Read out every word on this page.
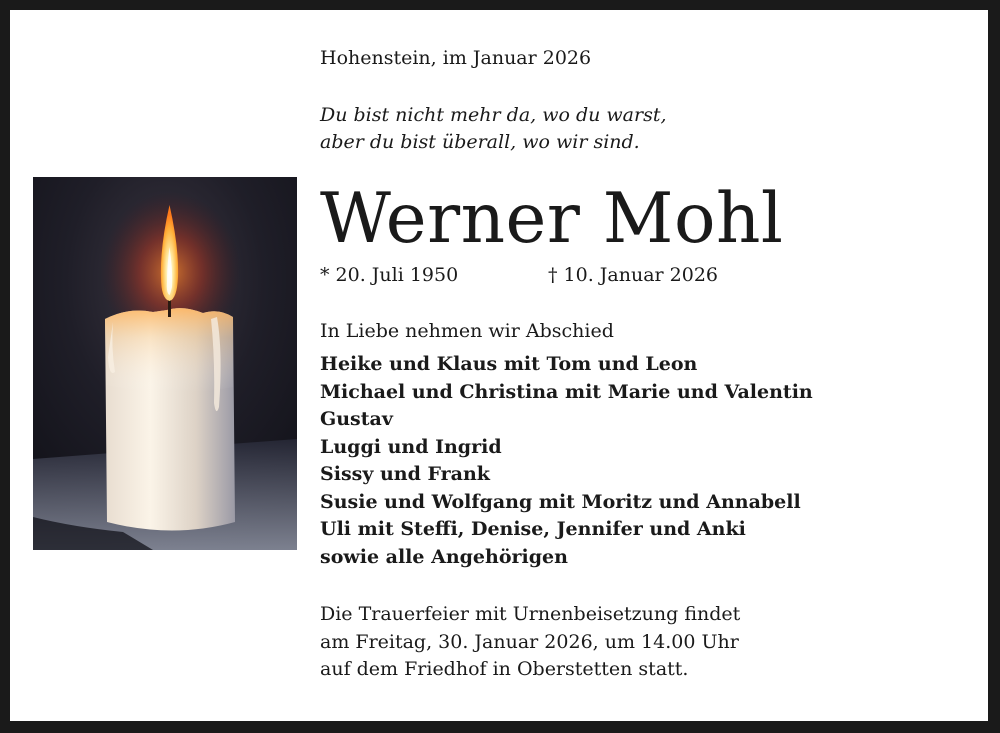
Hohenstein, im Januar 2026
Du bist nicht mehr da, wo du warst,
aber du bist überall, wo wir sind.
Werner Mohl
* 20. Juli 1950	† 10. Januar 2026
In Liebe nehmen wir Abschied
Heike und Klaus mit Tom und Leon
Michael und Christina mit Marie und Valentin
Gustav
Luggi und Ingrid
Sissy und Frank
Susie und Wolfgang mit Moritz und Annabell
Uli mit Steffi, Denise, Jennifer und Anki
sowie alle Angehörigen
Die Trauerfeier mit Urnenbeisetzung findet
am Freitag, 30. Januar 2026, um 14.00 Uhr
auf dem Friedhof in Oberstetten statt.
